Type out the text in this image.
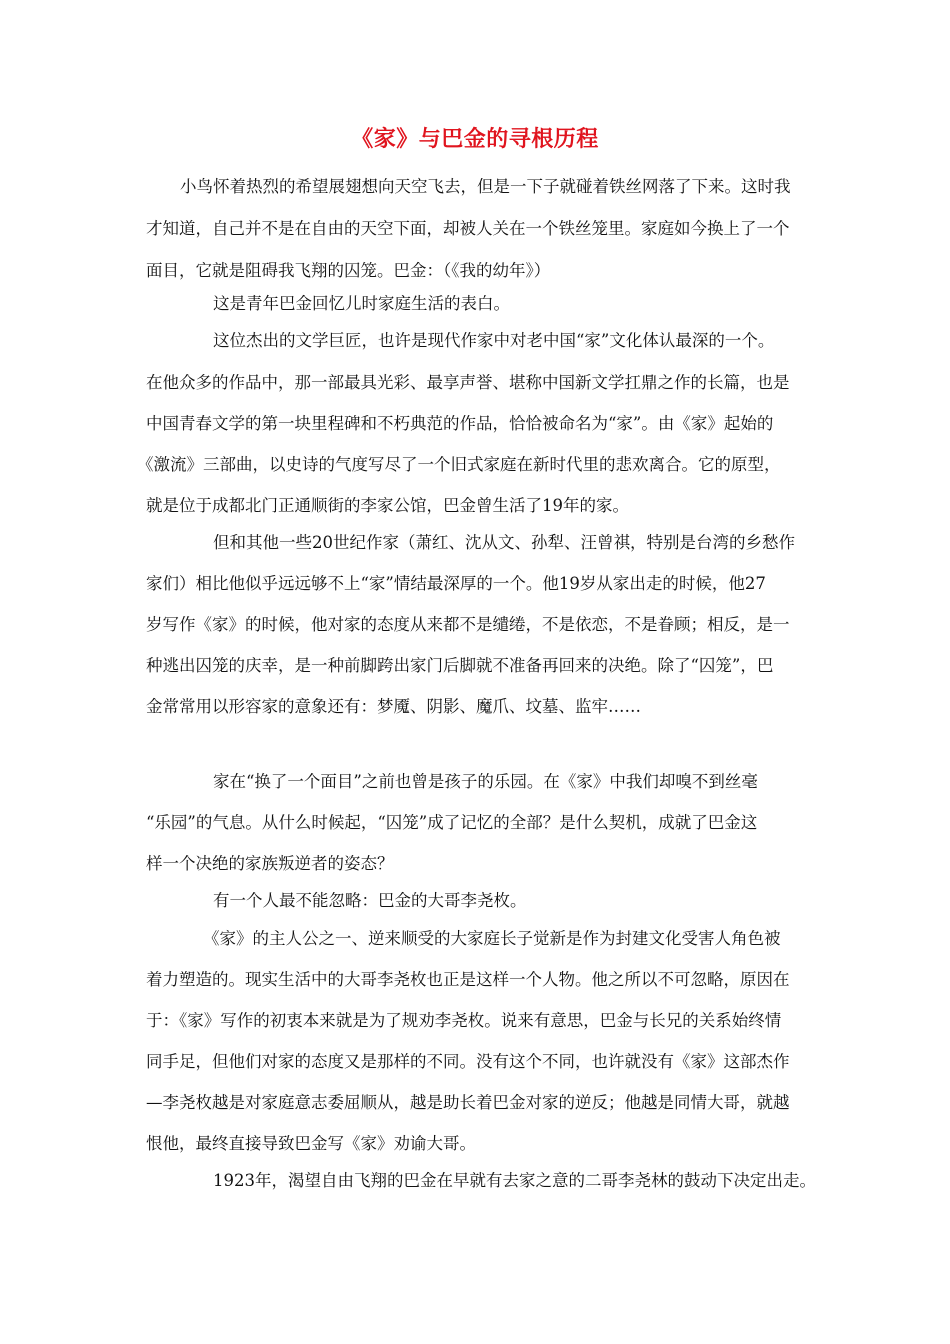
《家》与巴金的寻根历程
小鸟怀着热烈的希望展翅想向天空飞去，但是一下子就碰着铁丝网落了下来。这时我
才知道，自己并不是在自由的天空下面，却被人关在一个铁丝笼里。家庭如今换上了一个
面目，它就是阻碍我飞翔的囚笼。巴金：（《我的幼年》）
这是青年巴金回忆儿时家庭生活的表白。
这位杰出的文学巨匠，也许是现代作家中对老中国“家”文化体认最深的一个。
在他众多的作品中，那一部最具光彩、最享声誉、堪称中国新文学扛鼎之作的长篇，也是
中国青春文学的第一块里程碑和不朽典范的作品，恰恰被命名为“家”。由《家》起始的
《激流》三部曲，以史诗的气度写尽了一个旧式家庭在新时代里的悲欢离合。它的原型，
就是位于成都北门正通顺街的李家公馆，巴金曾生活了19年的家。
但和其他一些20世纪作家（萧红、沈从文、孙犁、汪曾祺，特别是台湾的乡愁作
家们）相比他似乎远远够不上“家”情结最深厚的一个。他19岁从家出走的时候，他27
岁写作《家》的时候，他对家的态度从来都不是缱绻，不是依恋，不是眷顾；相反，是一
种逃出囚笼的庆幸，是一种前脚跨出家门后脚就不准备再回来的决绝。除了“囚笼”，巴
金常常用以形容家的意象还有：梦魇、阴影、魔爪、坟墓、监牢……
家在“换了一个面目”之前也曾是孩子的乐园。在《家》中我们却嗅不到丝毫
“乐园”的气息。从什么时候起，“囚笼”成了记忆的全部？是什么契机，成就了巴金这
样一个决绝的家族叛逆者的姿态？
有一个人最不能忽略：巴金的大哥李尧枚。
《家》的主人公之一、逆来顺受的大家庭长子觉新是作为封建文化受害人角色被
着力塑造的。现实生活中的大哥李尧枚也正是这样一个人物。他之所以不可忽略，原因在
于：《家》写作的初衷本来就是为了规劝李尧枚。说来有意思，巴金与长兄的关系始终情
同手足，但他们对家的态度又是那样的不同。没有这个不同，也许就没有《家》这部杰作
—李尧枚越是对家庭意志委屈顺从，越是助长着巴金对家的逆反；他越是同情大哥，就越
恨他，最终直接导致巴金写《家》劝谕大哥。
1923年，渴望自由飞翔的巴金在早就有去家之意的二哥李尧林的鼓动下决定出走。
